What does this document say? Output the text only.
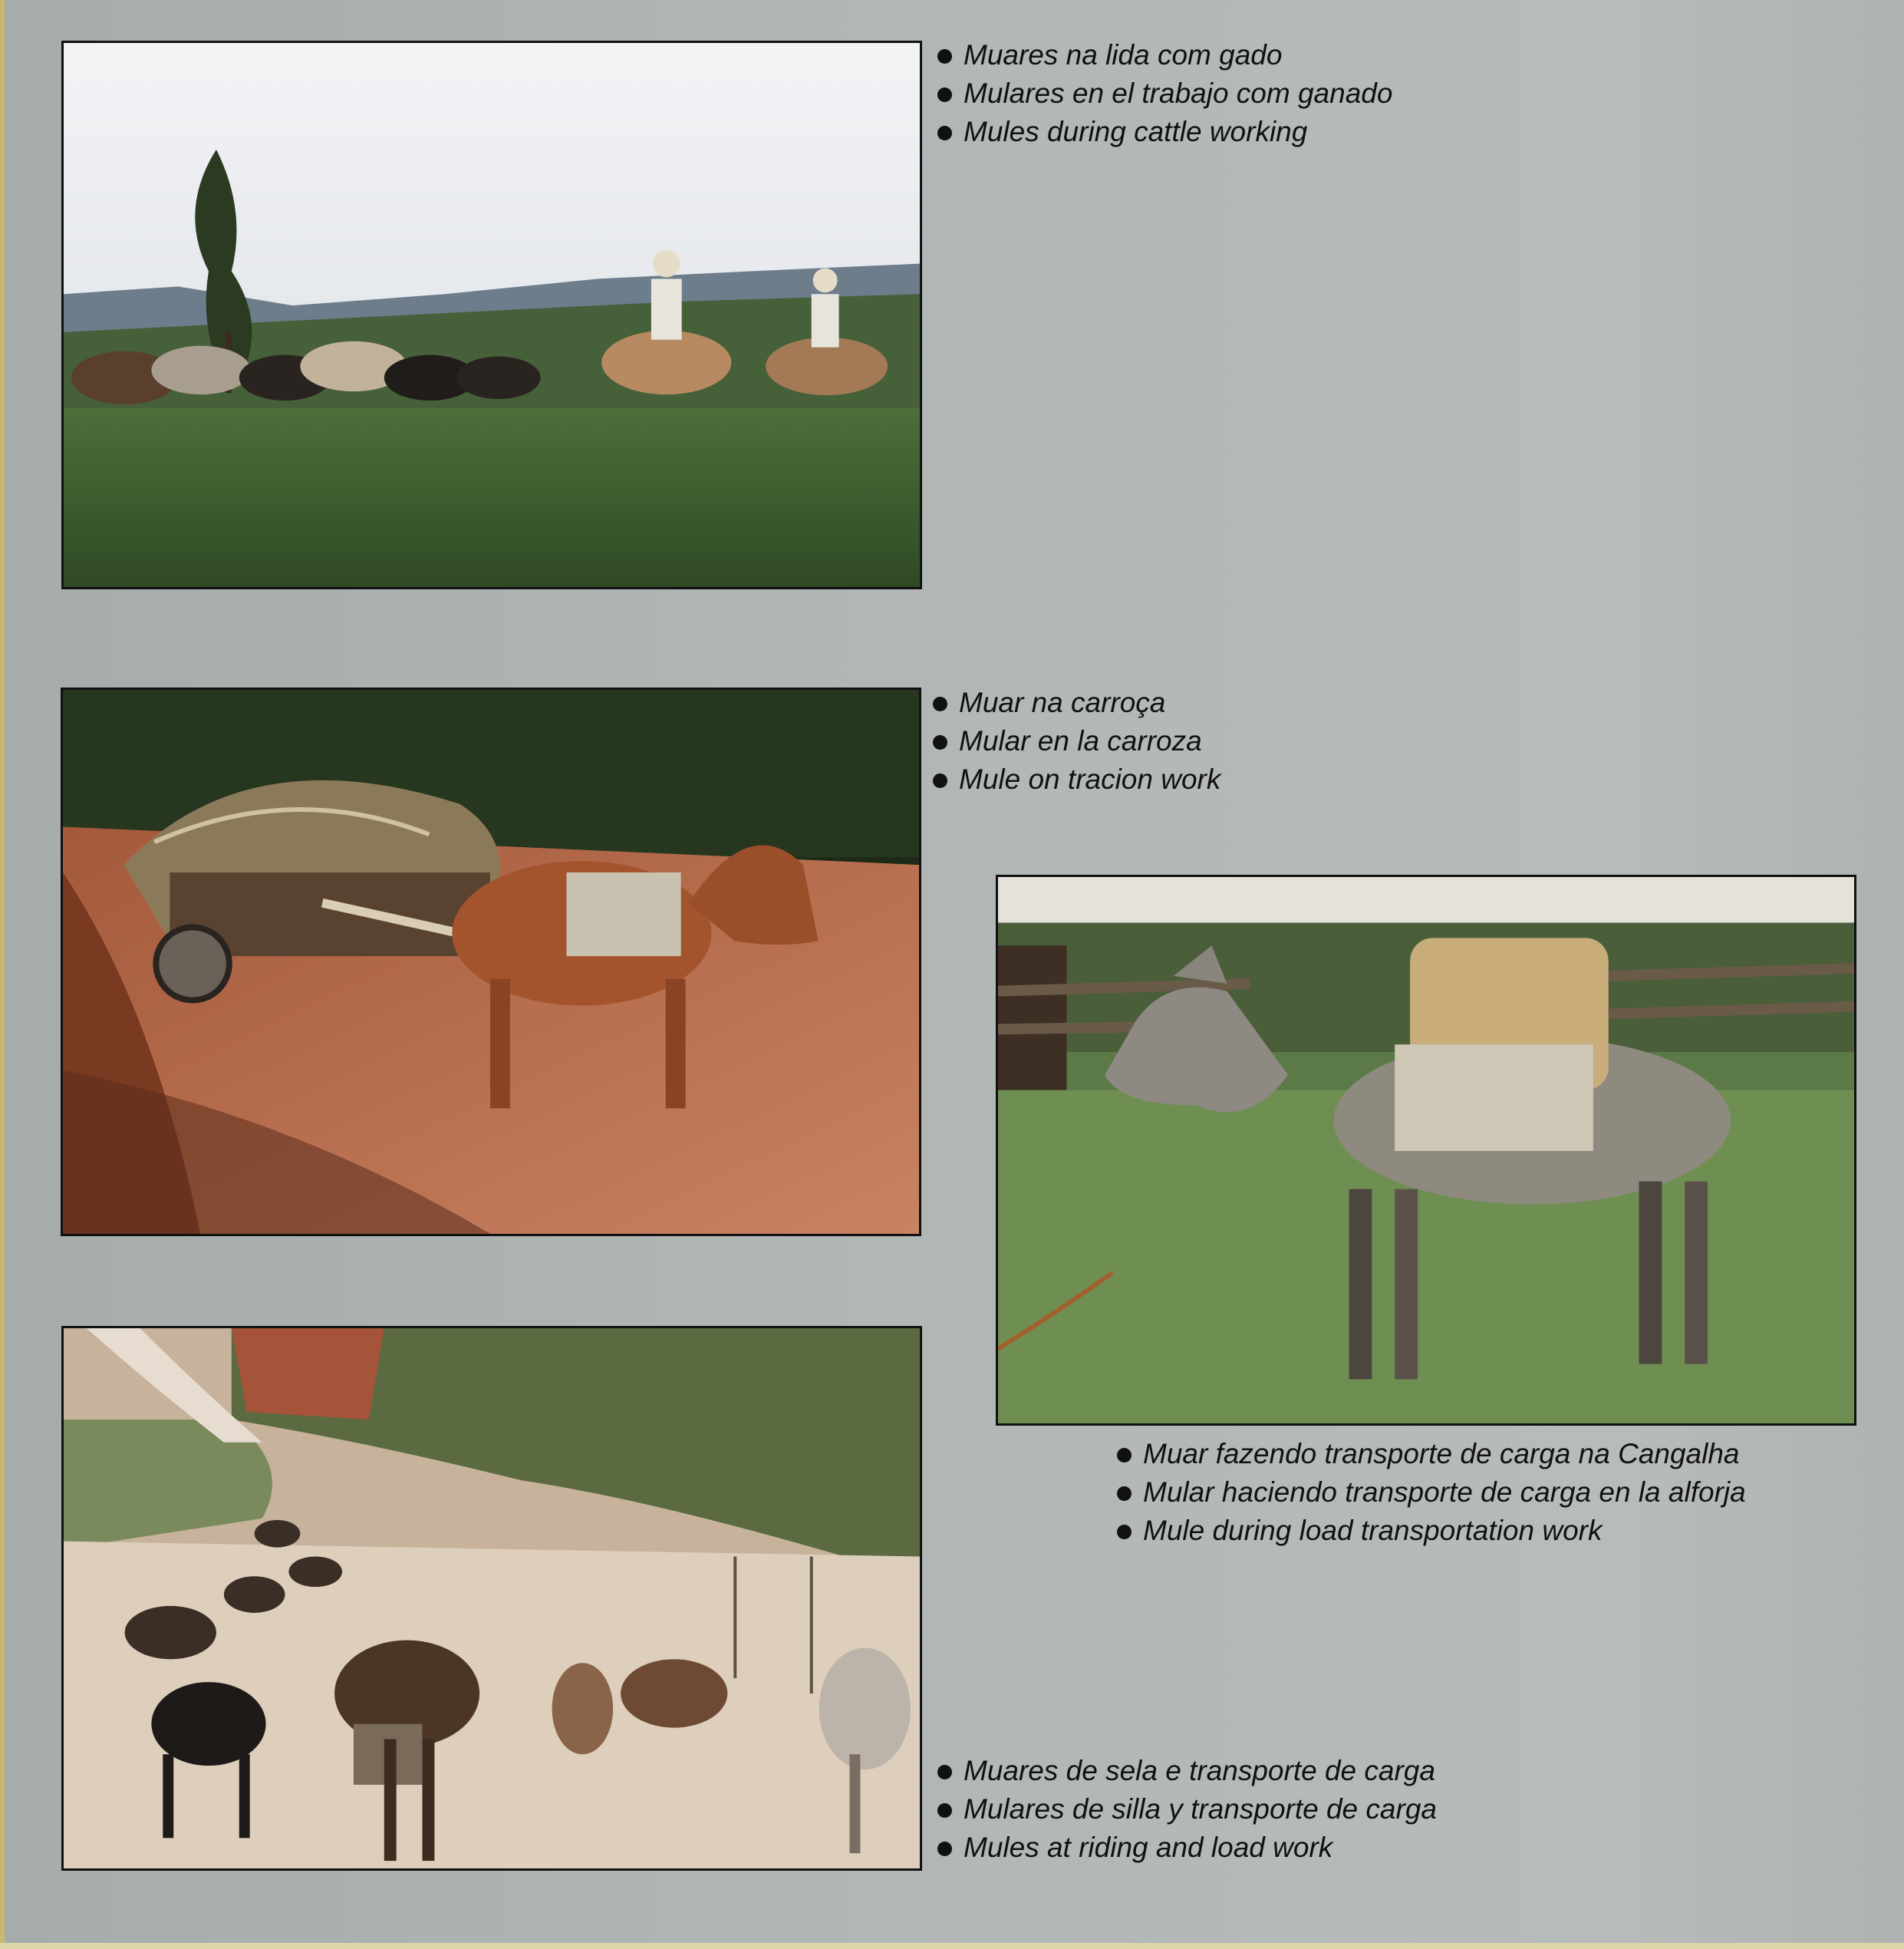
Muares na lida com gado
Mulares en el trabajo com ganado
Mules during cattle working
Muar na carroça
Mular en la carroza
Mule on tracion work
Muar fazendo transporte de carga na Cangalha
Mular haciendo transporte de carga en la alforja
Mule during load transportation work
Muares de sela e transporte de carga
Mulares de silla y transporte de carga
Mules at riding and load work
